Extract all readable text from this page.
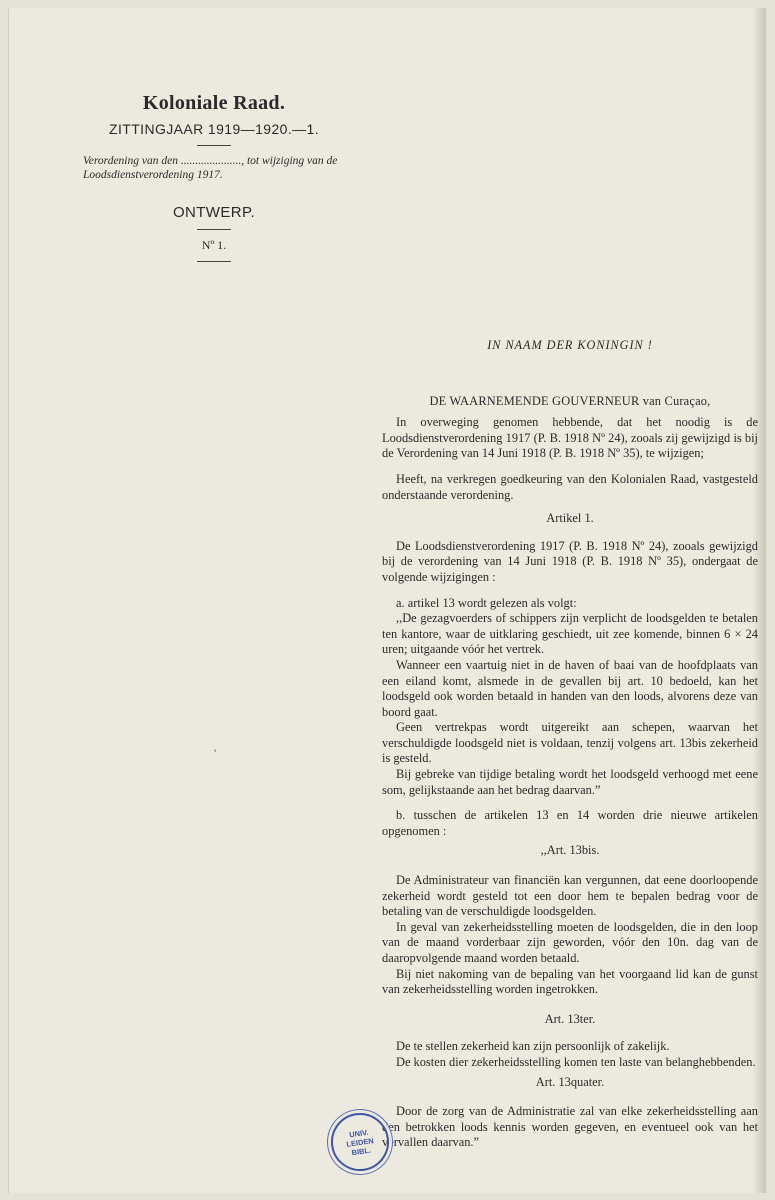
Koloniale Raad.
ZITTINGJAAR 1919—1920.—1.
Verordening van den ....................., tot wijziging van de Loodsdienstverordening 1917.
ONTWERP.
Nº 1.
'
IN NAAM DER KONINGIN !
DE WAARNEMENDE GOUVERNEUR van Curaçao,

In overweging genomen hebbende, dat het noodig is de Loodsdienstverordening 1917 (P. B. 1918 Nº 24), zooals zij gewijzigd is bij de Verordening van 14 Juni 1918 (P. B. 1918 Nº 35), te wijzigen;

Heeft, na verkregen goedkeuring van den Kolonialen Raad, vastgesteld onderstaande verordening.

Artikel 1.

De Loodsdienstverordening 1917 (P. B. 1918 Nº 24), zooals gewijzigd bij de verordening van 14 Juni 1918 (P. B. 1918 Nº 35), ondergaat de volgende wijzigingen :

a. artikel 13 wordt gelezen als volgt:

,,De gezagvoerders of schippers zijn verplicht de loodsgelden te betalen ten kantore, waar de uitklaring geschiedt, uit zee komende, binnen 6 × 24 uren; uitgaande vóór het vertrek.

Wanneer een vaartuig niet in de haven of baai van de hoofdplaats van een eiland komt, alsmede in de gevallen bij art. 10 bedoeld, kan het loodsgeld ook worden betaald in handen van den loods, alvorens deze van boord gaat.

Geen vertrekpas wordt uitgereikt aan schepen, waarvan het verschuldigde loodsgeld niet is voldaan, tenzij volgens art. 13bis zekerheid is gesteld.

Bij gebreke van tijdige betaling wordt het loodsgeld verhoogd met eene som, gelijkstaande aan het bedrag daarvan.”

b. tusschen de artikelen 13 en 14 worden drie nieuwe artikelen opgenomen :

,,Art. 13bis.

De Administrateur van financiën kan vergunnen, dat eene doorloopende zekerheid wordt gesteld tot een door hem te bepalen bedrag voor de betaling van de verschuldigde loodsgelden.

In geval van zekerheidsstelling moeten de loodsgelden, die in den loop van de maand vorderbaar zijn geworden, vóór den 10n. dag van de daaropvolgende maand worden betaald.

Bij niet nakoming van de bepaling van het voorgaand lid kan de gunst van zekerheidsstelling worden ingetrokken.

Art. 13ter.

De te stellen zekerheid kan zijn persoonlijk of zakelijk.

De kosten dier zekerheidsstelling komen ten laste van belanghebbenden.

Art. 13quater.

Door de zorg van de Administratie zal van elke zekerheidsstelling aan den betrokken loods kennis worden gegeven, en eventueel ook van het vervallen daarvan.”

UNIV.
LEIDEN
BIBL.
